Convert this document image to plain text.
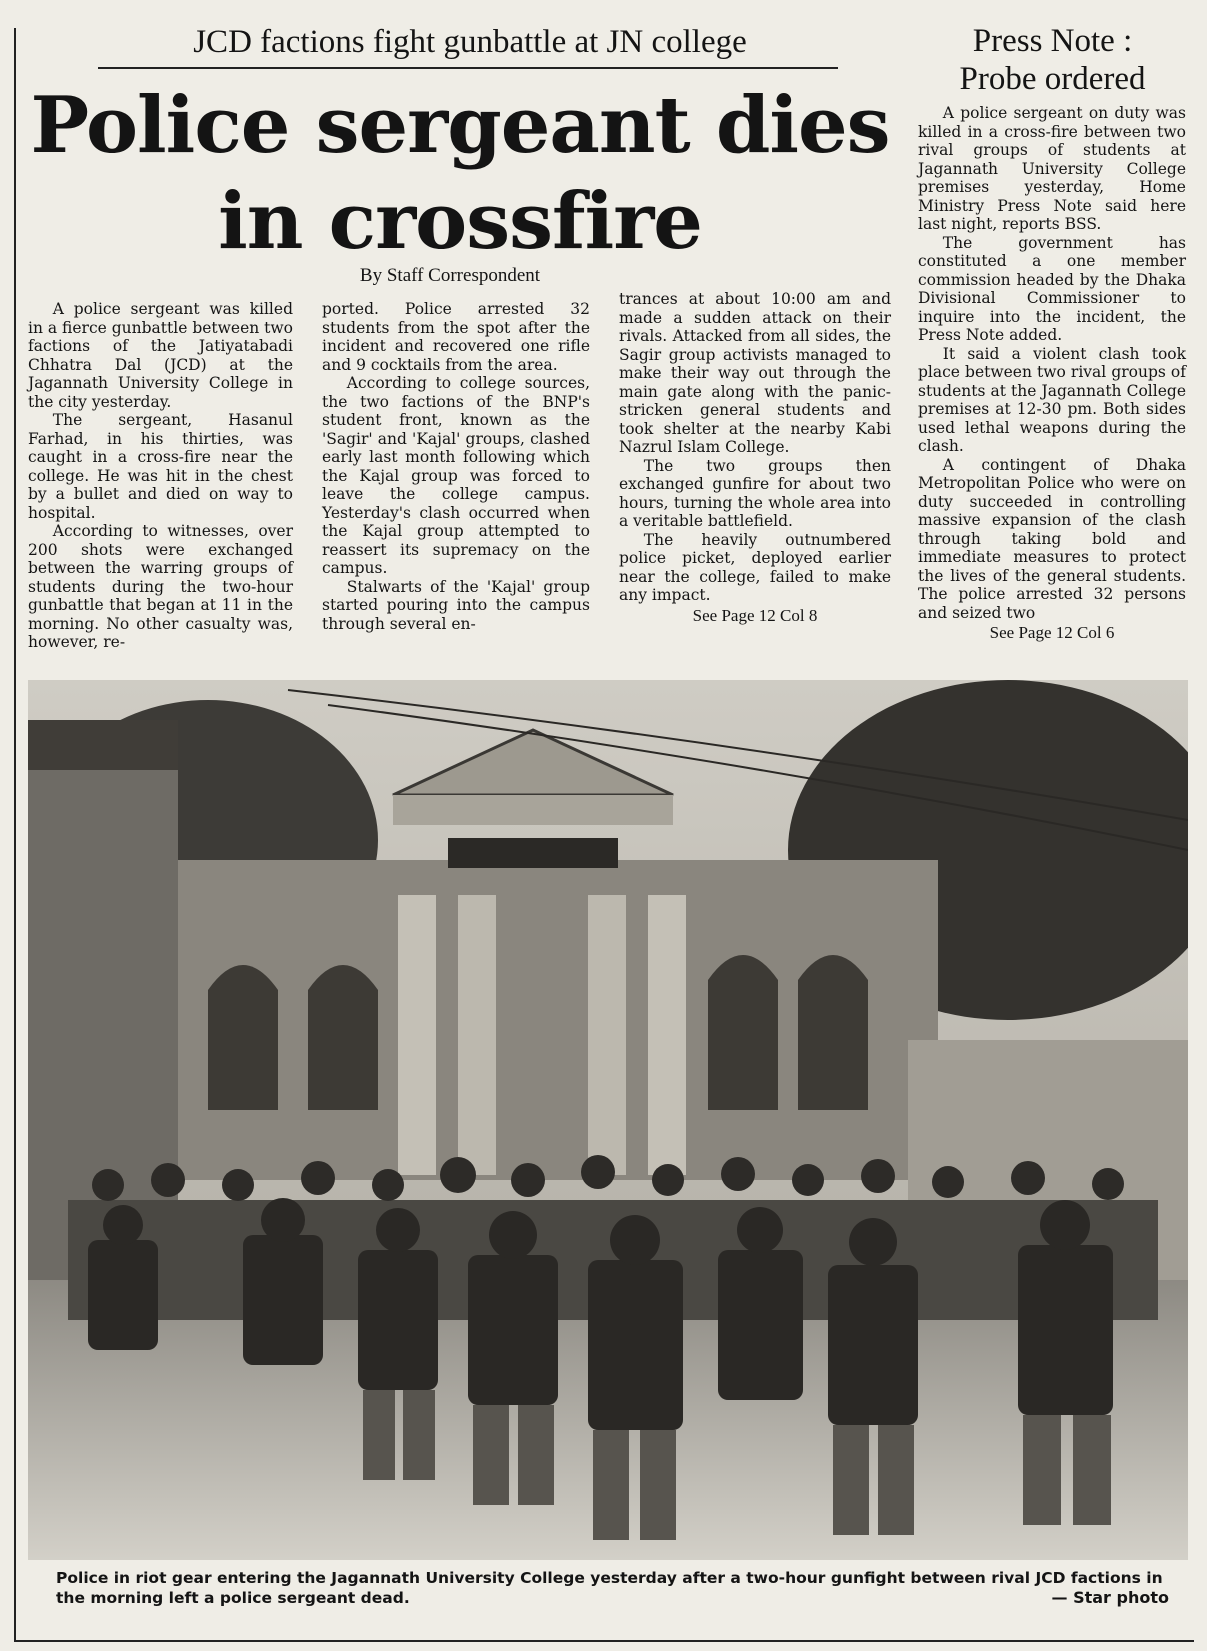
JCD factions fight gunbattle at JN college
Police sergeant dies
in crossfire
By Staff Correspondent

A police sergeant was killed in a fierce gunbattle between two factions of the Jatiyatabadi Chhatra Dal (JCD) at the Jagannath University College in the city yesterday.

The sergeant, Hasanul Farhad, in his thirties, was caught in a cross-fire near the college. He was hit in the chest by a bullet and died on way to hospital.

According to witnesses, over 200 shots were exchanged between the warring groups of students during the two-hour gunbattle that began at 11 in the morning. No other casualty was, however, re-

ported. Police arrested 32 students from the spot after the incident and recovered one rifle and 9 cocktails from the area.

According to college sources, the two factions of the BNP's student front, known as the 'Sagir' and 'Kajal' groups, clashed early last month following which the Kajal group was forced to leave the college campus. Yesterday's clash occurred when the Kajal group attempted to reassert its supremacy on the campus.

Stalwarts of the 'Kajal' group started pouring into the campus through several en-

trances at about 10:00 am and made a sudden attack on their rivals. Attacked from all sides, the Sagir group activists managed to make their way out through the main gate along with the panic-stricken general students and took shelter at the nearby Kabi Nazrul Islam College.

The two groups then exchanged gunfire for about two hours, turning the whole area into a veritable battlefield.

The heavily outnumbered police picket, deployed earlier near the college, failed to make any impact.

See Page 12 Col 8
Press Note :
Probe ordered

A police sergeant on duty was killed in a cross-fire between two rival groups of students at Jagannath University College premises yesterday, Home Ministry Press Note said here last night, reports BSS.

The government has constituted a one member commission headed by the Dhaka Divisional Commissioner to inquire into the incident, the Press Note added.

It said a violent clash took place between two rival groups of students at the Jagannath College premises at 12-30 pm. Both sides used lethal weapons during the clash.

A contingent of Dhaka Metropolitan Police who were on duty succeeded in controlling massive expansion of the clash through taking bold and immediate measures to protect the lives of the general students. The police arrested 32 persons and seized two

See Page 12 Col 6
Police in riot gear entering the Jagannath University College yesterday after a two-hour gunfight between rival JCD factions in the morning left a police sergeant dead.	— Star photo
